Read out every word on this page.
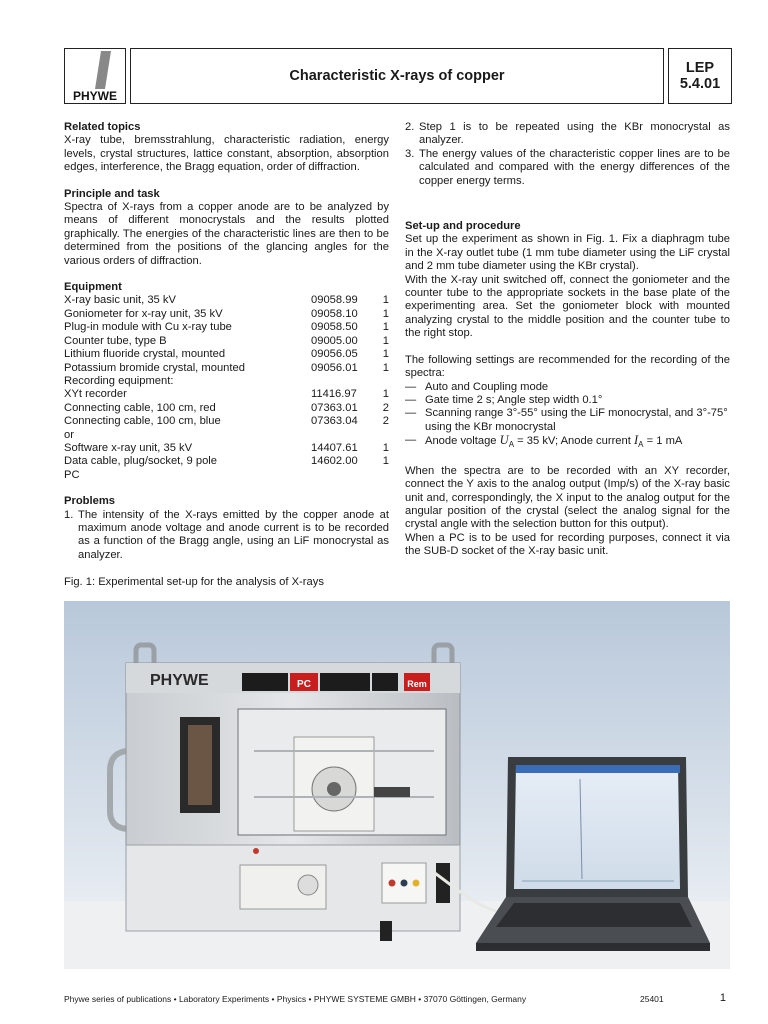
PHYWE
Characteristic X-rays of copper	LEP
5.4.01
Related topics

X-ray tube, bremsstrahlung, characteristic radiation, energy levels, crystal structures, lattice constant, absorption, absorption edges, interference, the Bragg equation, order of diffraction.

Principle and task

Spectra of X-rays from a copper anode are to be analyzed by means of different monocrystals and the results plotted graphically. The energies of the characteristic lines are then to be determined from the positions of the glancing angles for the various orders of diffraction.

Equipment
X-ray basic unit, 35 kV	09058.99	1
Goniometer for x-ray unit, 35 kV	09058.10	1
Plug-in module with Cu x-ray tube	09058.50	1
Counter tube, type B	09005.00	1
Lithium fluoride crystal, mounted	09056.05	1
Potassium bromide crystal, mounted	09056.01	1
Recording equipment:
XYt recorder	11416.97	1
Connecting cable, 100 cm, red	07363.01	2
Connecting cable, 100 cm, blue	07363.04	2
or
Software x-ray unit, 35 kV	14407.61	1
Data cable, plug/socket, 9 pole	14602.00	1
PC
Problems
1. The intensity of the X-rays emitted by the copper anode at maximum anode voltage and anode current is to be recorded as a function of the Bragg angle, using an LiF monocrystal as analyzer.
2. Step 1 is to be repeated using the KBr monocrystal as analyzer.
3. The energy values of the characteristic copper lines are to be calculated and compared with the energy differences of the copper energy terms.
Set-up and procedure

Set up the experiment as shown in Fig. 1. Fix a diaphragm tube in the X-ray outlet tube (1 mm tube diameter using the LiF crystal and 2 mm tube diameter using the KBr crystal).

With the X-ray unit switched off, connect the goniometer and the counter tube to the appropriate sockets in the base plate of the experimenting area. Set the goniometer block with mounted analyzing crystal to the middle position and the counter tube to the right stop.

The following settings are recommended for the recording of the spectra:

— Auto and Coupling mode
— Gate time 2 s; Angle step width 0.1°
— Scanning range 3°-55° using the LiF monocrystal, and 3°-75° using the KBr monocrystal
— Anode voltage $U_A = 35$ kV; Anode current $I_A = 1$ mA

When the spectra are to be recorded with an XY recorder, connect the Y axis to the analog output (Imp/s) of the X-ray basic unit and, correspondingly, the X input to the analog output for the angular position of the crystal (select the analog signal for the crystal angle with the selection button for this output).

When a PC is to be used for recording purposes, connect it via the SUB-D socket of the X-ray basic unit.

Fig. 1: Experimental set-up for the analysis of X-rays
PHYWE	PC	Rem
Phywe series of publications • Laboratory Experiments • Physics • PHYWE SYSTEME GMBH • 37070 Göttingen, Germany	25401	1
